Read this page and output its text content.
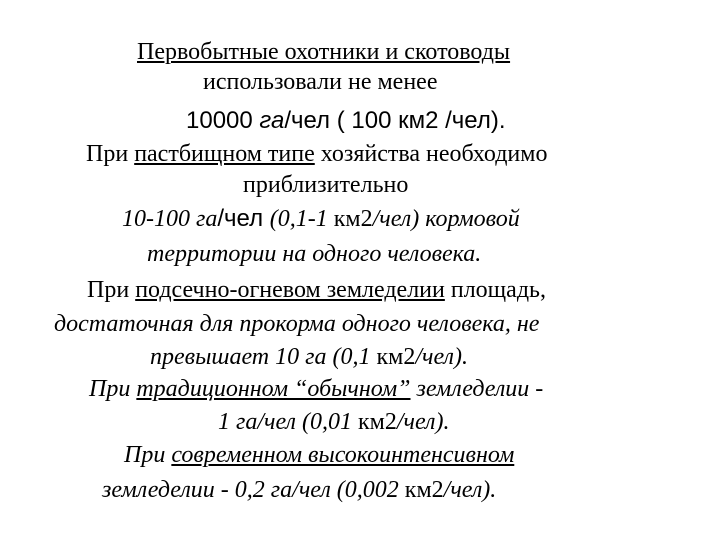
Первобытные охотники и скотоводы
использовали не менее
10000 га/чел ( 100 км2 /чел).
При пастбищном типе хозяйства необходимо
приблизительно
10-100 га/чел (0,1-1 км2/чел) кормовой
территории на одного человека.
При подсечно-огневом земледелии площадь,
достаточная для прокорма одного человека, не
превышает 10 га (0,1 км2/чел).
При традиционном “обычном” земледелии -
1 га/чел (0,01 км2/чел).
При современном высокоинтенсивном
земледелии - 0,2 га/чел (0,002 км2/чел).
